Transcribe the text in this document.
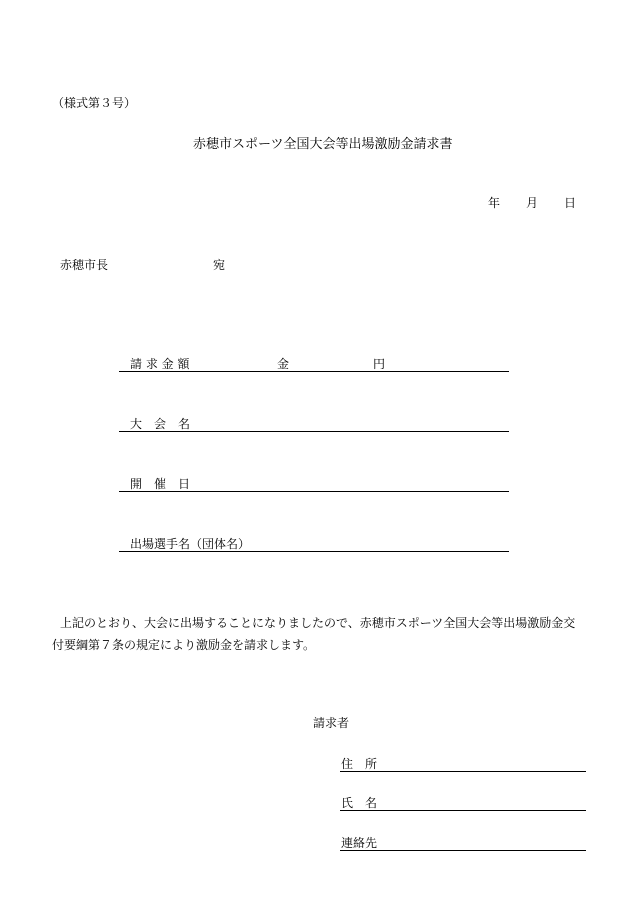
（様式第３号）
赤穂市スポーツ全国大会等出場激励金請求書
年 月 日
赤穂市長	宛
請 求 金 額	金	円
大　会　名
開　催　日
出場選手名（団体名）
上記のとおり、大会に出場することになりましたので、赤穂市スポーツ全国大会等出場激励金交
付要綱第７条の規定により激励金を請求します。
請求者
住　所
氏　名
連絡先
